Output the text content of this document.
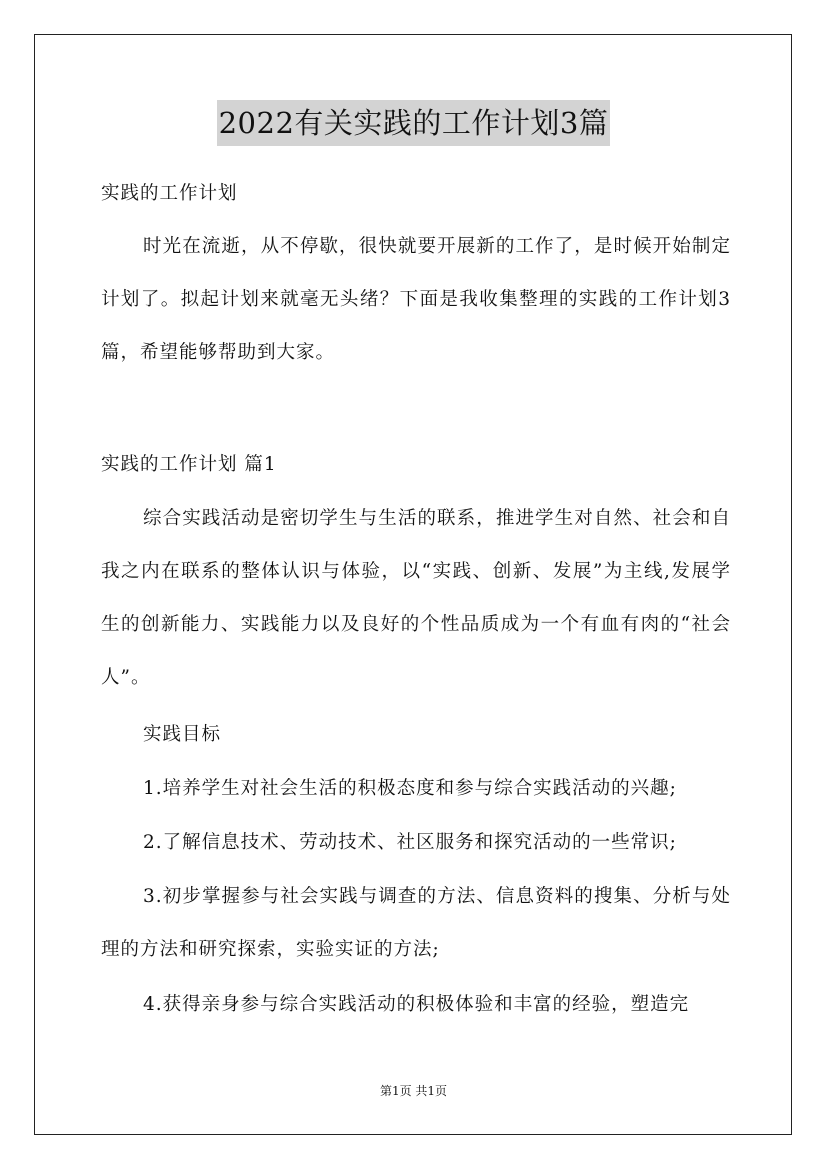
2022有关实践的工作计划3篇

实践的工作计划

时光在流逝，从不停歇，很快就要开展新的工作了，是时候开始制定计划了。拟起计划来就毫无头绪？下面是我收集整理的实践的工作计划3篇，希望能够帮助到大家。

实践的工作计划 篇1

综合实践活动是密切学生与生活的联系，推进学生对自然、社会和自我之内在联系的整体认识与体验，以“实践、创新、发展”为主线,发展学生的创新能力、实践能力以及良好的个性品质成为一个有血有肉的“社会人”。

实践目标

1.培养学生对社会生活的积极态度和参与综合实践活动的兴趣;

2.了解信息技术、劳动技术、社区服务和探究活动的一些常识;

3.初步掌握参与社会实践与调查的方法、信息资料的搜集、分析与处理的方法和研究探索，实验实证的方法;

4.获得亲身参与综合实践活动的积极体验和丰富的经验，塑造完

第1页 共1页
